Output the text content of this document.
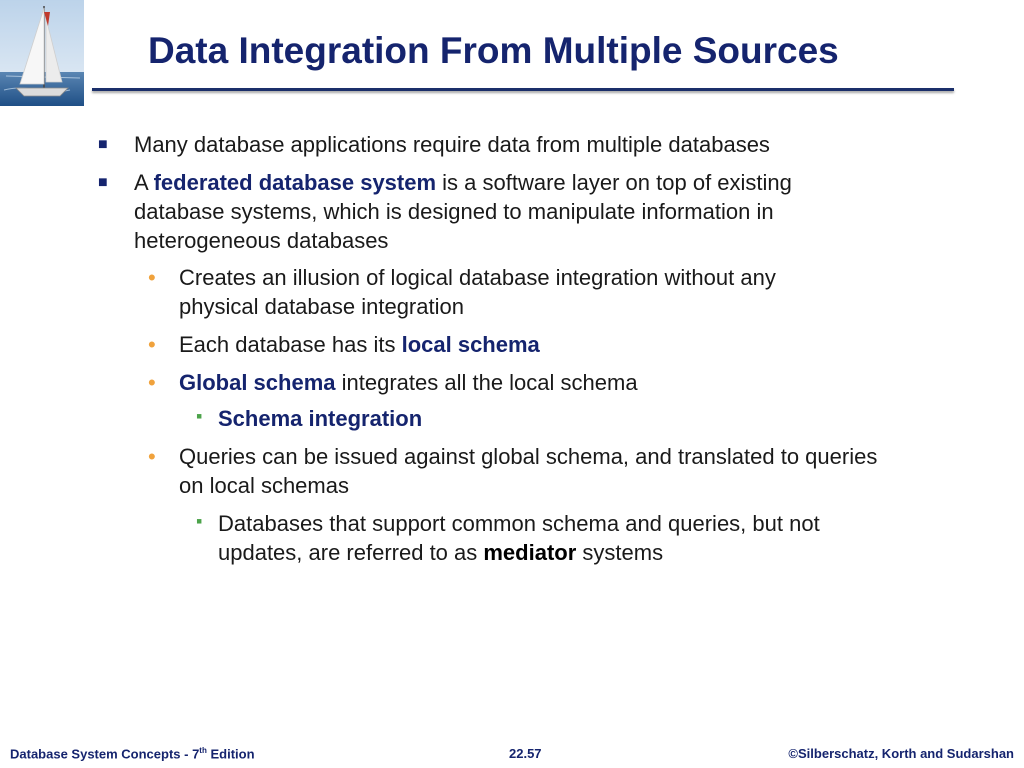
Data Integration From Multiple Sources
■ Many database applications require data from multiple databases
■ A federated database system is a software layer on top of existing database systems, which is designed to manipulate information in heterogeneous databases
• Creates an illusion of logical database integration without any physical database integration
• Each database has its local schema
• Global schema integrates all the local schema
▪ Schema integration
• Queries can be issued against global schema, and translated to queries on local schemas
▪ Databases that support common schema and queries, but not updates, are referred to as mediator systems
Database System Concepts - 7th Edition	22.57	©Silberschatz, Korth and Sudarshan
